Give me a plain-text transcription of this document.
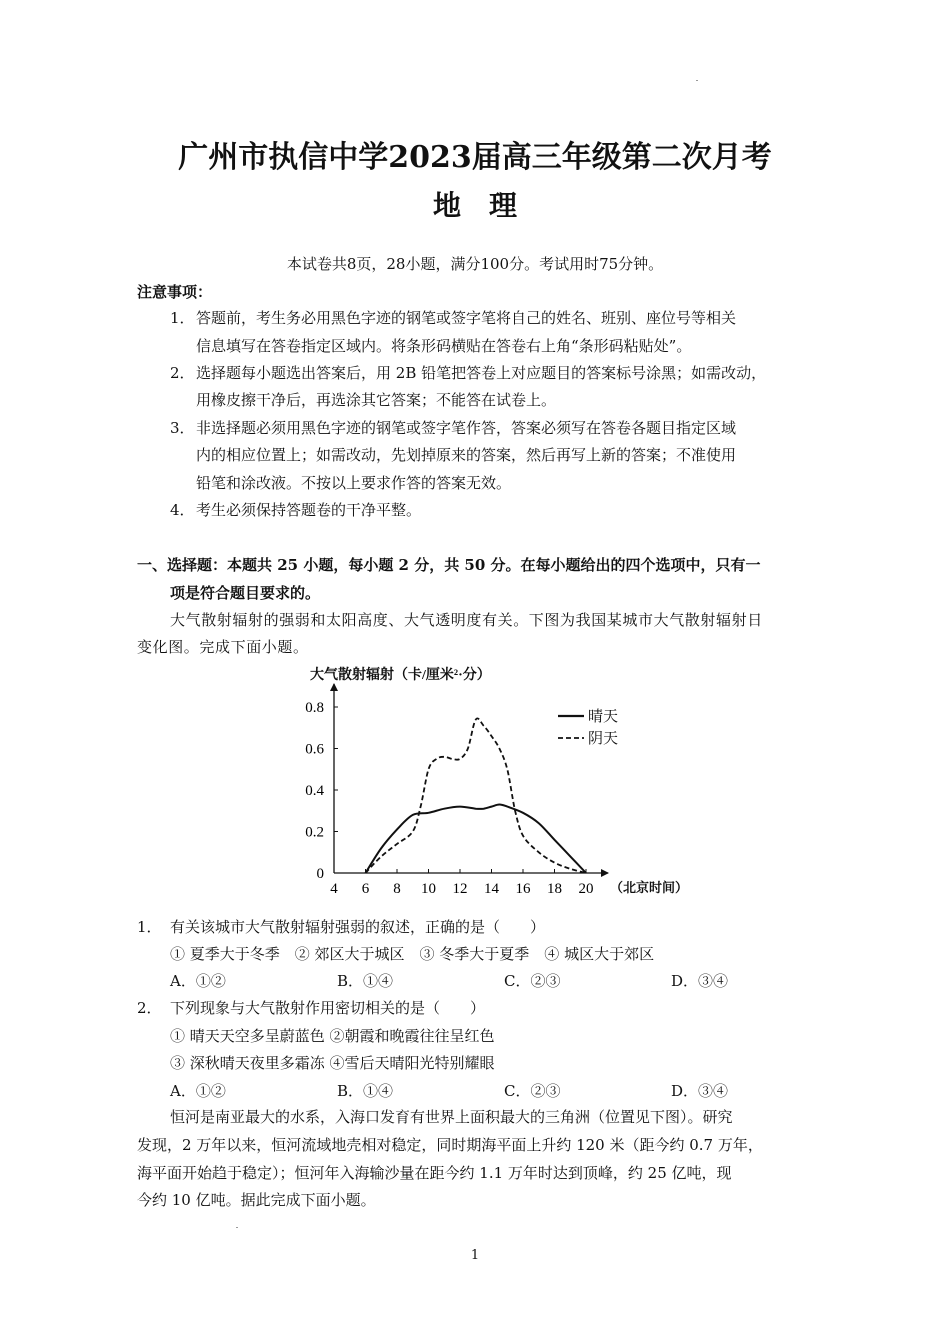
广州市执信中学2023届高三年级第二次月考
地　理
本试卷共8页，28小题，满分100分。考试用时75分钟。
注意事项：
1． 答题前，考生务必用黑色字迹的钢笔或签字笔将自己的姓名、班别、座位号等相关
信息填写在答卷指定区域内。将条形码横贴在答卷右上角“条形码粘贴处”。
2． 选择题每小题选出答案后，用 2B 铅笔把答卷上对应题目的答案标号涂黑；如需改动，
用橡皮擦干净后，再选涂其它答案；不能答在试卷上。
3． 非选择题必须用黑色字迹的钢笔或签字笔作答，答案必须写在答卷各题目指定区域
内的相应位置上；如需改动，先划掉原来的答案，然后再写上新的答案；不准使用
铅笔和涂改液。不按以上要求作答的答案无效。
4． 考生必须保持答题卷的干净平整。
一、选择题：本题共 25 小题，每小题 2 分，共 50 分。在每小题给出的四个选项中，只有一
项是符合题目要求的。
大气散射辐射的强弱和太阳高度、大气透明度有关。下图为我国某城市大气散射辐射日
变化图。完成下面小题。
4 6 8 10 12 14 16 18 20
0
0.2
0.4
0.6
0.8
大气散射辐射（卡/厘米²·分）
（北京时间）
晴天
阴天
1． 有关该城市大气散射辐射强弱的叙述，正确的是（　　）
① 夏季大于冬季　② 郊区大于城区　③ 冬季大于夏季　④ 城区大于郊区
A．①②	B．①④	C．②③	D．③④
2． 下列现象与大气散射作用密切相关的是（　　）
① 晴天天空多呈蔚蓝色 ②朝霞和晚霞往往呈红色
③ 深秋晴天夜里多霜冻 ④雪后天晴阳光特别耀眼
A．①②	B．①④	C．②③	D．③④
恒河是南亚最大的水系，入海口发育有世界上面积最大的三角洲（位置见下图）。研究
发现，2 万年以来，恒河流域地壳相对稳定，同时期海平面上升约 120 米（距今约 0.7 万年，
海平面开始趋于稳定）；恒河年入海输沙量在距今约 1.1 万年时达到顶峰，约 25 亿吨，现
今约 10 亿吨。据此完成下面小题。
1
